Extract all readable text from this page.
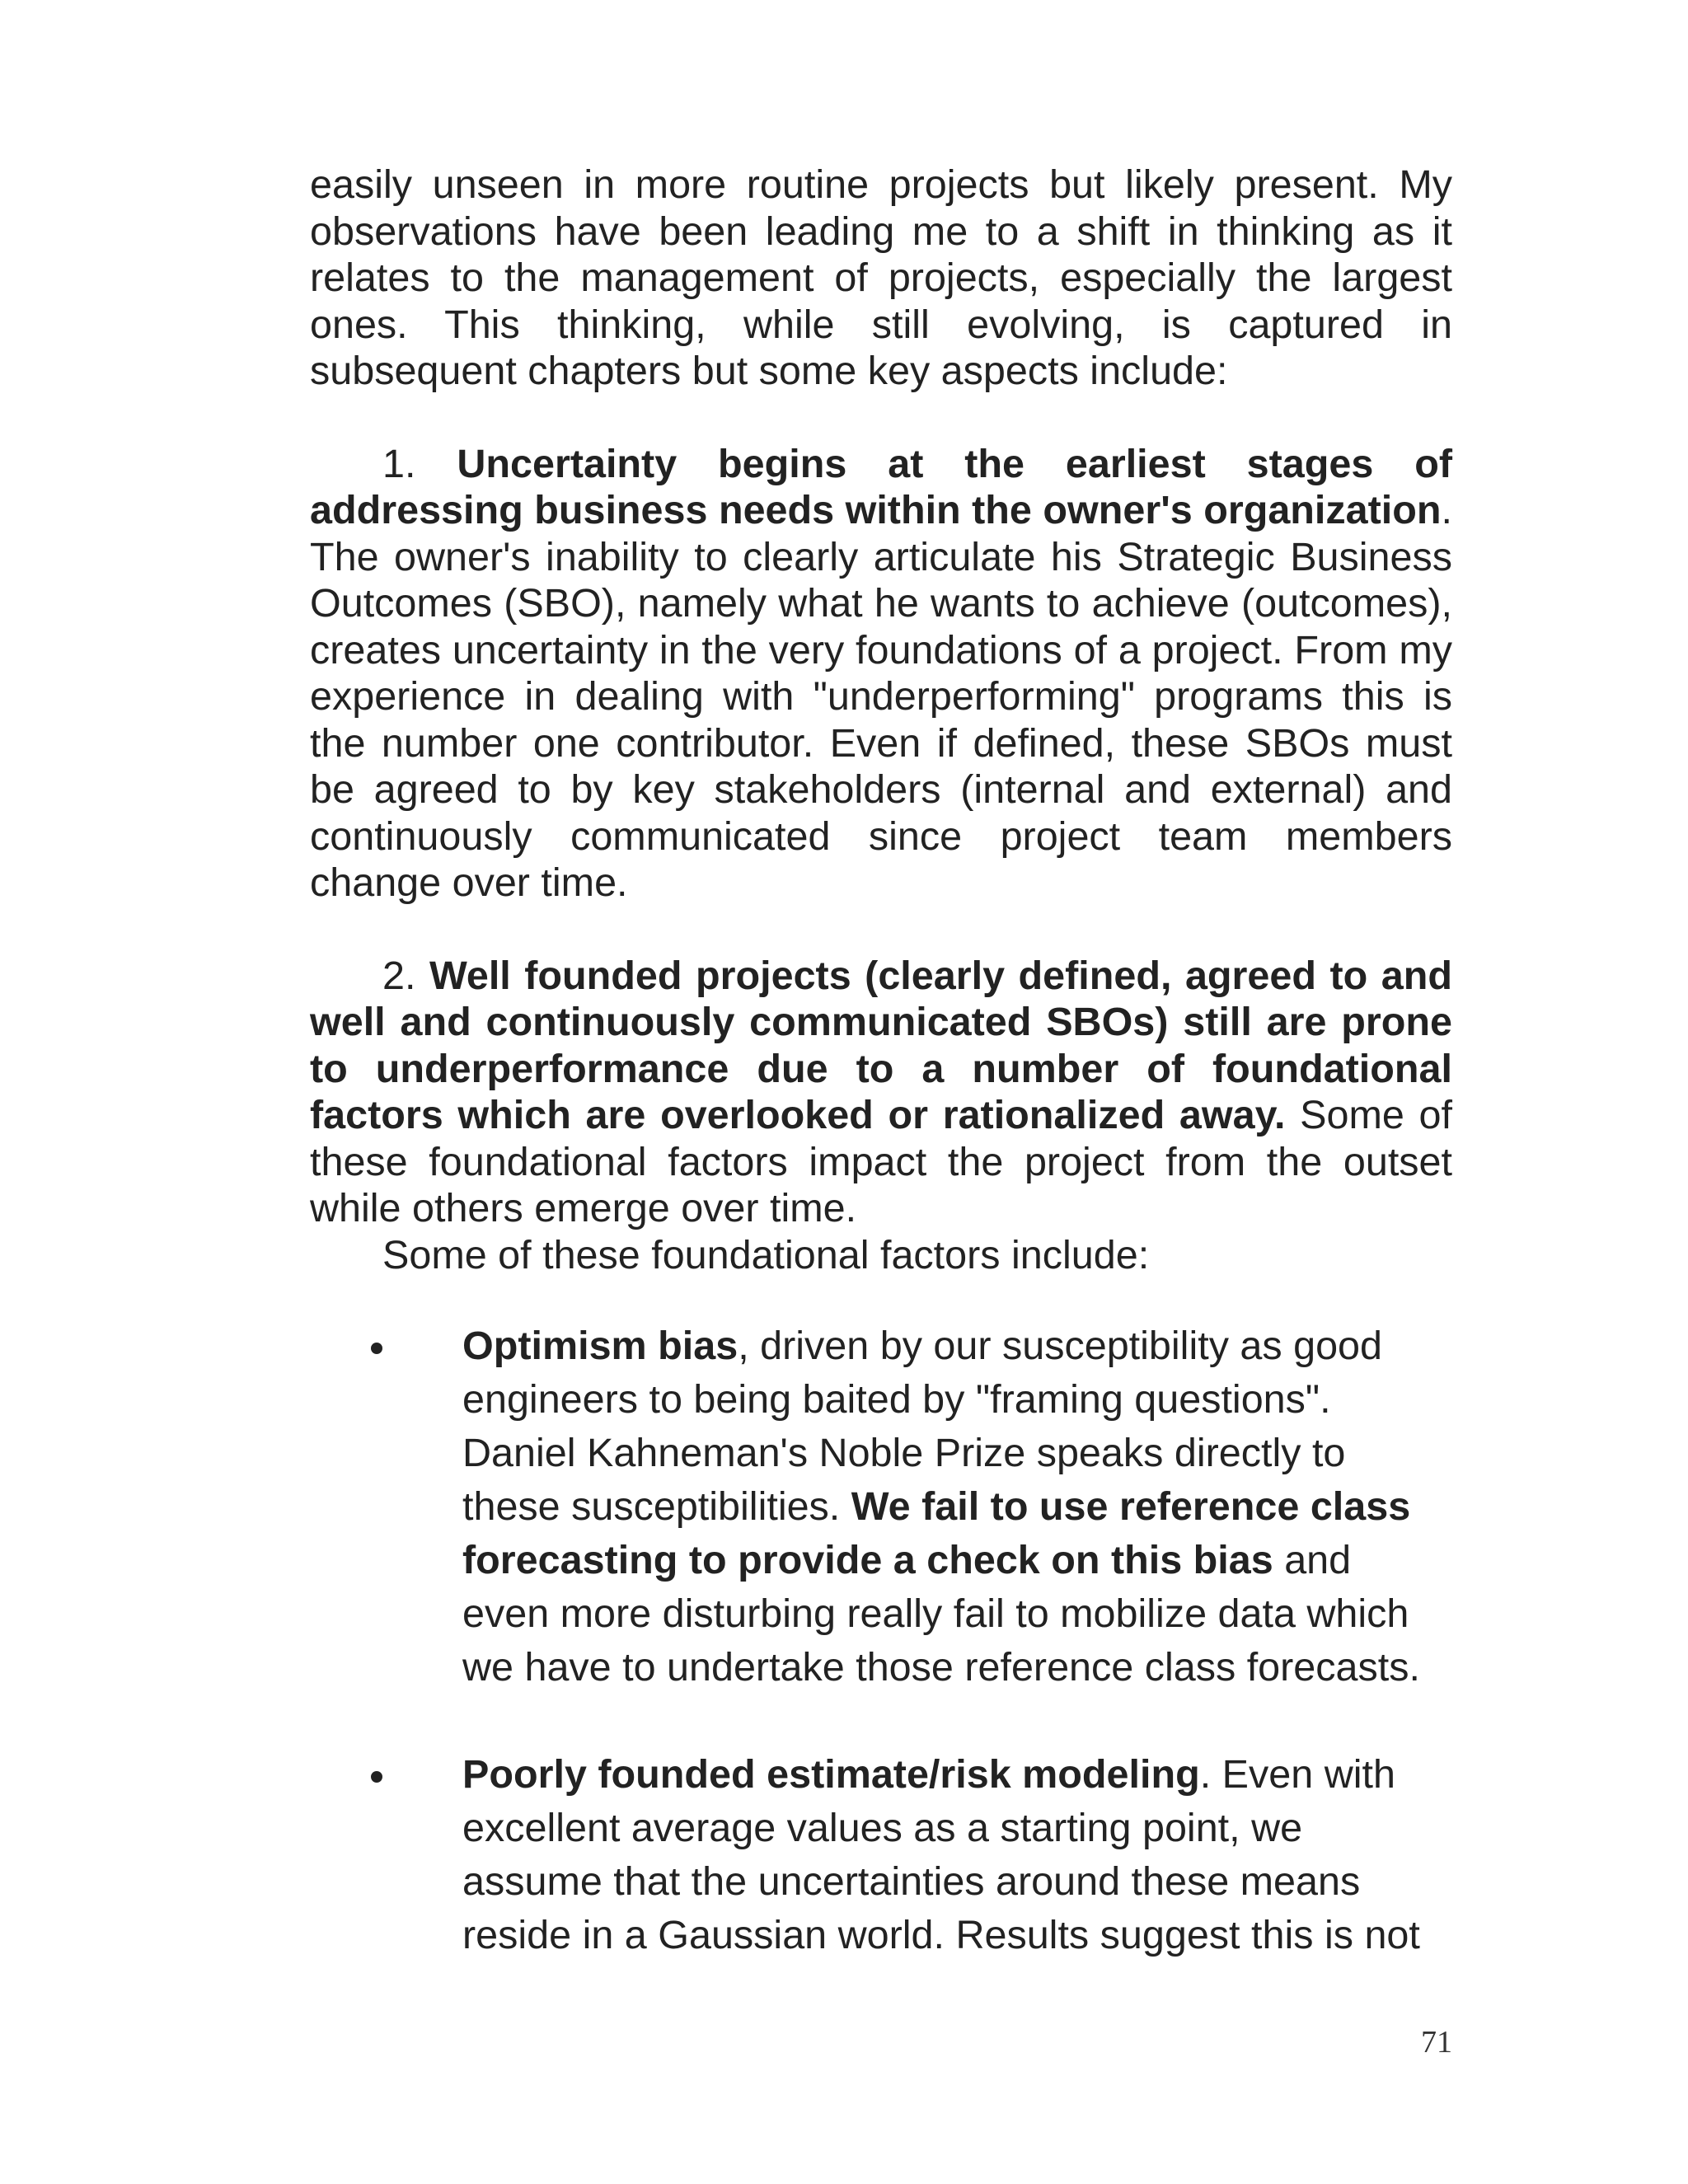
easily unseen in more routine projects but likely present. My observations have been leading me to a shift in thinking as it relates to the management of projects, especially the largest ones. This thinking, while still evolving, is captured in subsequent chapters but some key aspects include:

1. Uncertainty begins at the earliest stages of addressing business needs within the owner's organization. The owner's inability to clearly articulate his Strategic Business Outcomes (SBO), namely what he wants to achieve (outcomes), creates uncertainty in the very foundations of a project. From my experience in dealing with "underperforming" programs this is the number one contributor. Even if defined, these SBOs must be agreed to by key stakeholders (internal and external) and continuously communicated since project team members change over time.

2. Well founded projects (clearly defined, agreed to and well and continuously communicated SBOs) still are prone to underperformance due to a number of foundational factors which are overlooked or rationalized away. Some of these foundational factors impact the project from the outset while others emerge over time.

Some of these foundational factors include:

Optimism bias, driven by our susceptibility as good engineers to being baited by "framing questions". Daniel Kahneman's Noble Prize speaks directly to these susceptibilities. We fail to use reference class forecasting to provide a check on this bias and even more disturbing really fail to mobilize data which we have to undertake those reference class forecasts.
Poorly founded estimate/risk modeling. Even with excellent average values as a starting point, we assume that the uncertainties around these means reside in a Gaussian world. Results suggest this is not
71
